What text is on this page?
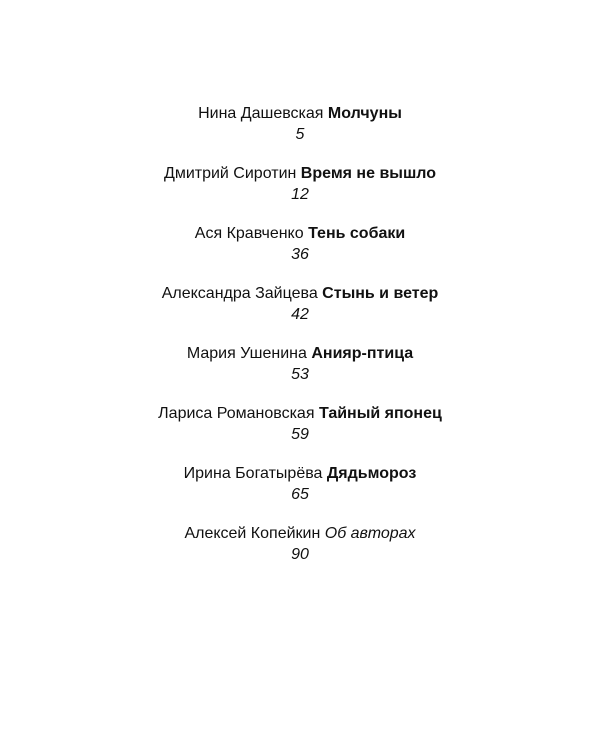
Нина Дашевская Молчуны
5
Дмитрий Сиротин Время не вышло
12
Ася Кравченко Тень собаки
36
Александра Зайцева Стынь и ветер
42
Мария Ушенина Анияр-птица
53
Лариса Романовская Тайный японец
59
Ирина Богатырёва Дядьмороз
65
Алексей Копейкин Об авторах
90
